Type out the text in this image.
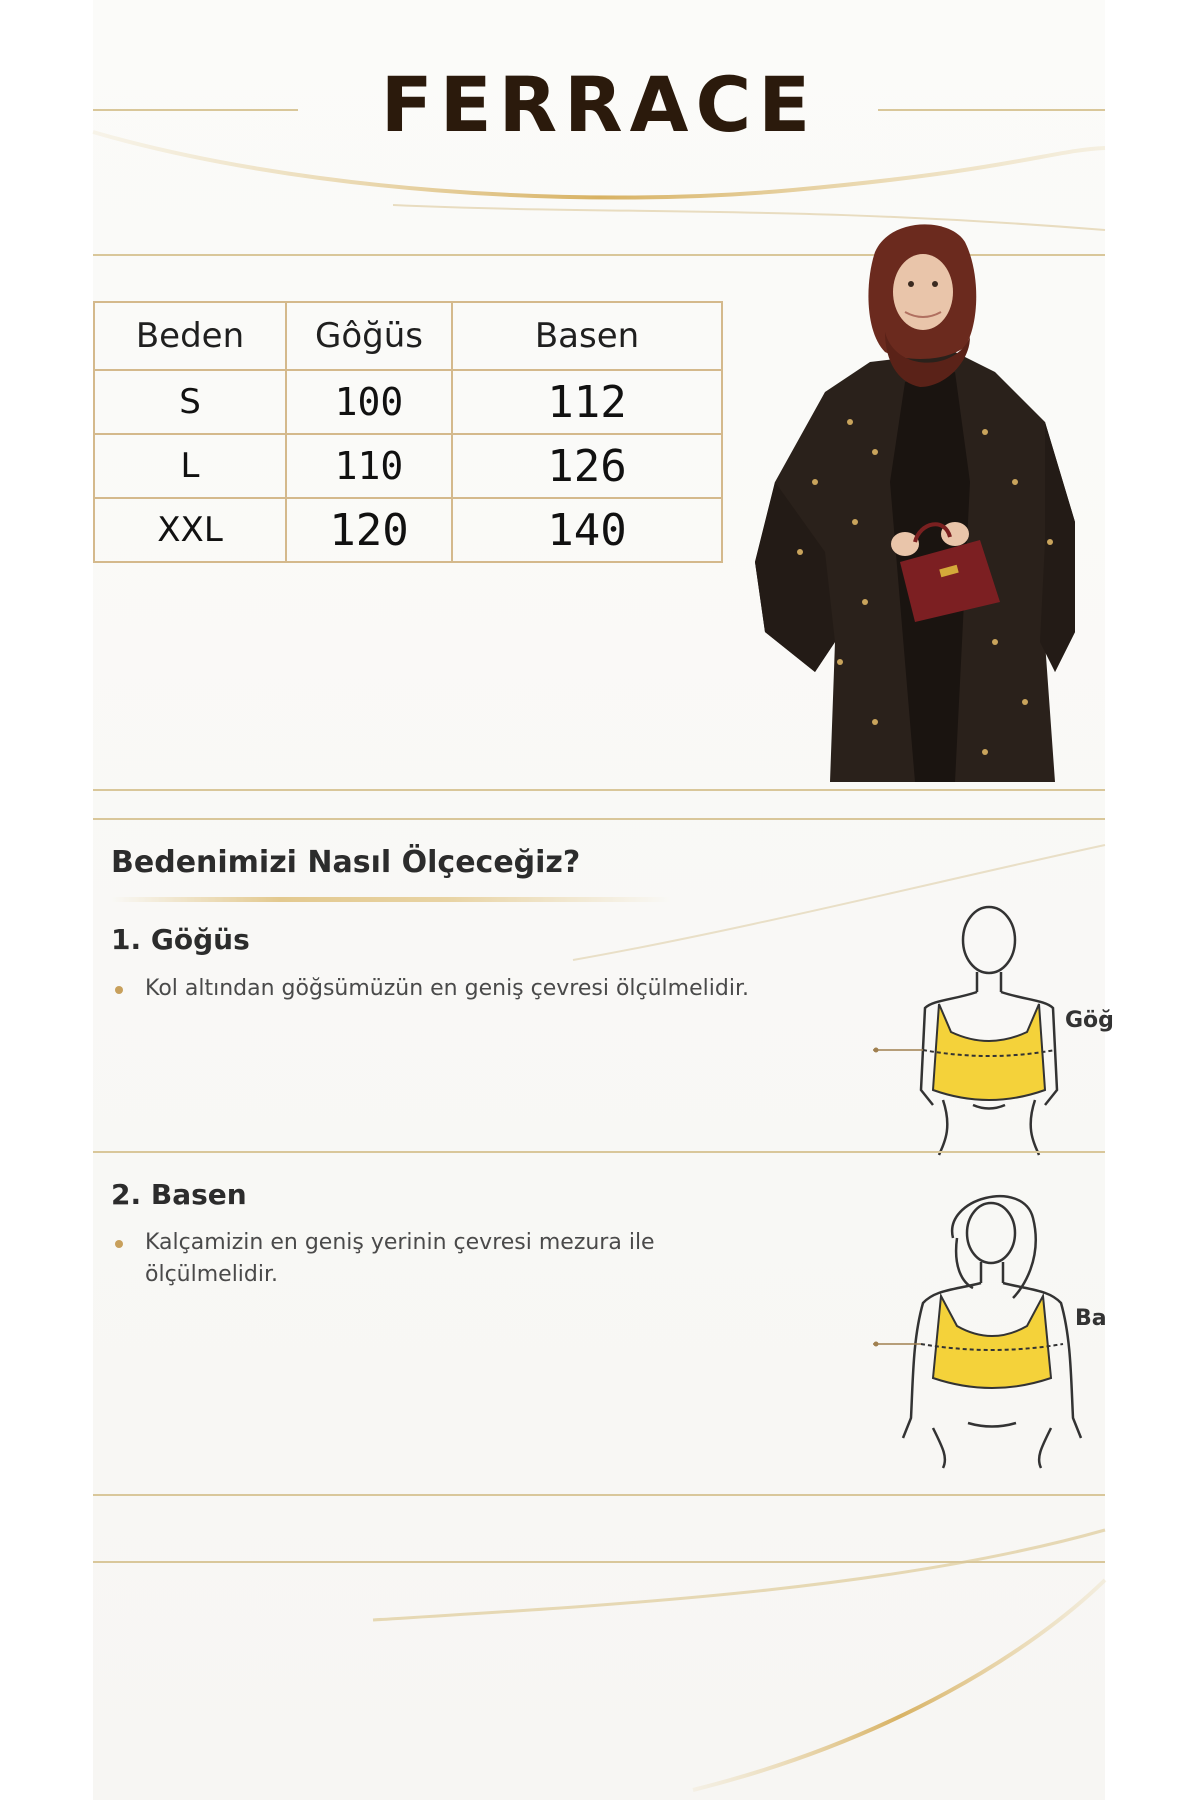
FERRACE
Beden	Gôğüs	Basen
S	100	112
L	110	126
XXL	120	140
Bedenimizi Nasıl Ölçeceğiz?
1. Göğüs
Kol altından göğsümüzün en geniş çevresi ölçülmelidir.
Göğ
2. Basen
Kalçamizin en geniş yerinin çevresi mezura ile ölçülmelidir.
Ba
